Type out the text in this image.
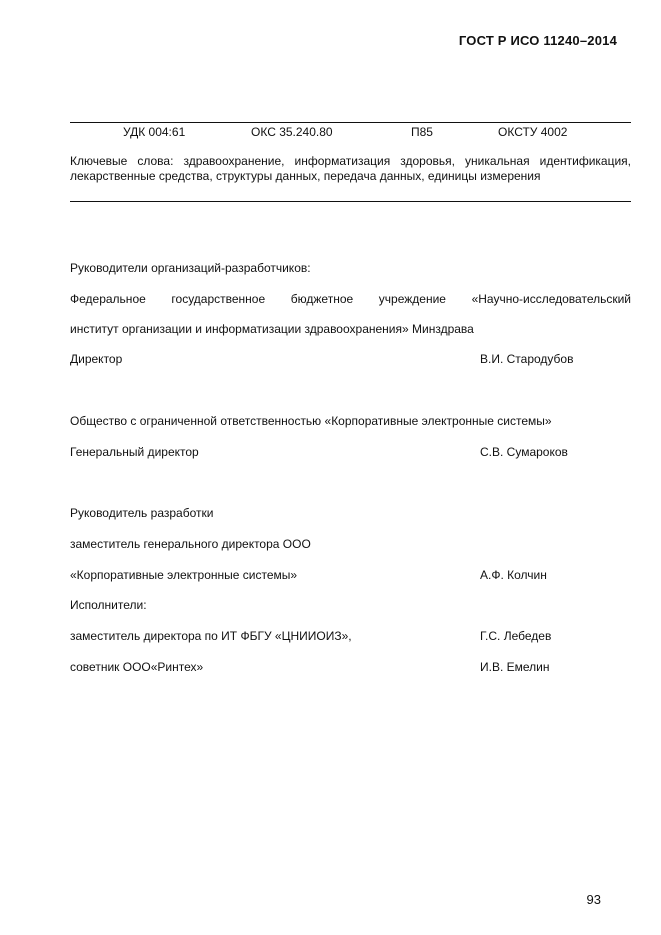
ГОСТ Р ИСО 11240–2014
УДК 004:61	ОКС 35.240.80	П85	ОКСТУ 4002
Ключевые слова: здравоохранение, информатизация здоровья, уникальная идентификация, лекарственные средства, структуры данных, передача данных, единицы измерения
Руководители организаций-разработчиков:
Федеральное государственное бюджетное учреждение «Научно-исследовательский
институт организации и информатизации здравоохранения» Минздрава
Директор	В.И. Стародубов
Общество с ограниченной ответственностью «Корпоративные электронные системы»
Генеральный директор	С.В. Сумароков
Руководитель разработки
заместитель генерального директора ООО
«Корпоративные электронные системы»	А.Ф. Колчин
Исполнители:
заместитель директора по ИТ ФБГУ «ЦНИИОИЗ»,	Г.С. Лебедев
советник ООО«Ринтех»	И.В. Емелин
93
